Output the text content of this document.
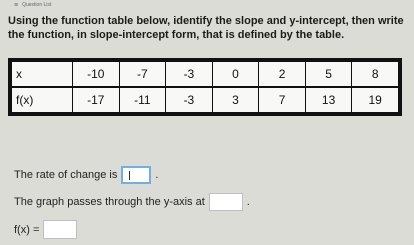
≡ Question List
Using the function table below, identify the slope and y-intercept, then write the function, in slope-intercept form, that is defined by the table.
x	-10	-7	-3	0	2	5	8
f(x)	-17	-11	-3	3	7	13	19
The rate of change is	.
The graph passes through the y-axis at	.
f(x) =
